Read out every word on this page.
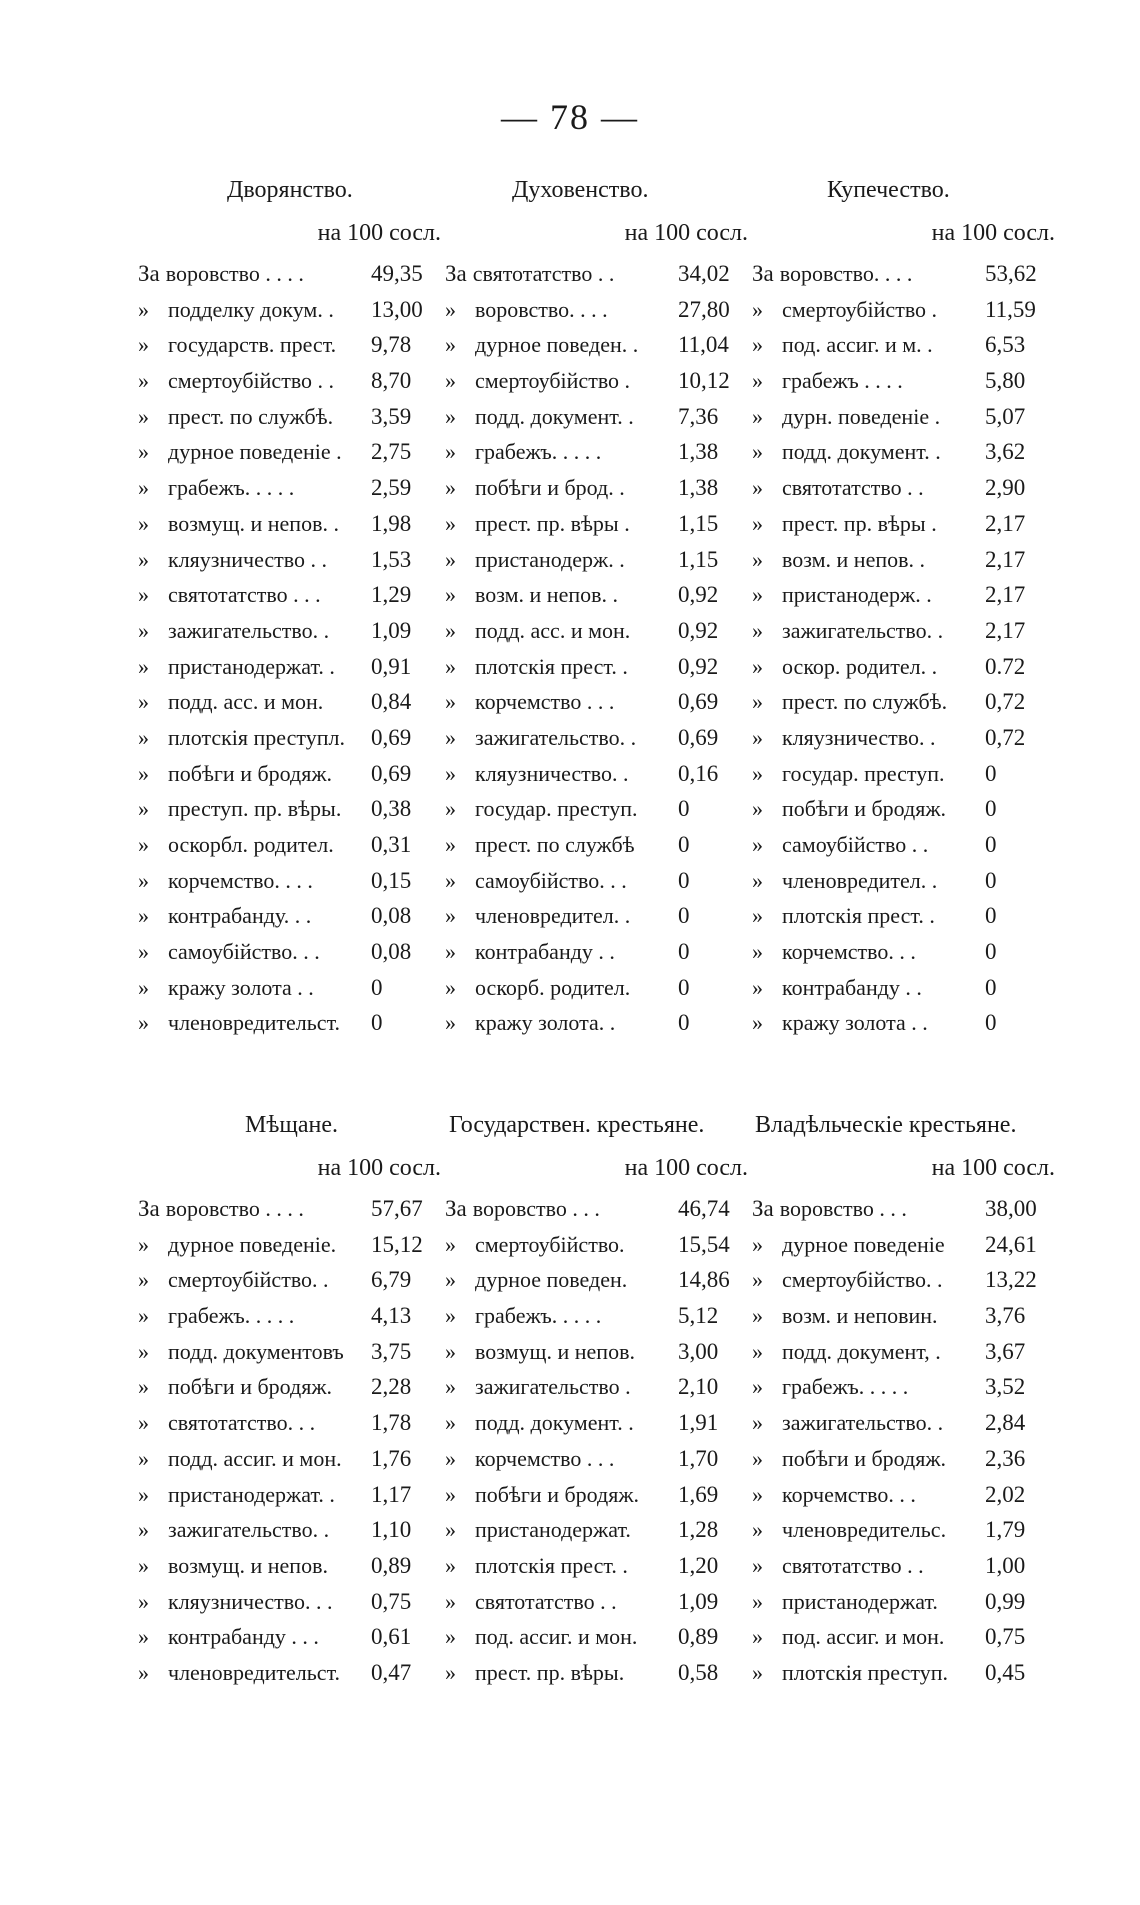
— 78 —
Дворянство.
на 100 сосл.
За воровство . . . .	49,35
» подделку докум. .	13,00
» государств. прест.	9,78
» смертоубійство . .	8,70
» прест. по службѣ.	3,59
» дурное поведеніе .	2,75
» грабежъ. . . . .	2,59
» возмущ. и непов. .	1,98
» кляузничество . .	1,53
» святотатство . . .	1,29
» зажигательство. .	1,09
» пристанодержат. .	0,91
» подд. асс. и мон.	0,84
» плотскія преступл.	0,69
» побѣги и бродяж.	0,69
» преступ. пр. вѣры.	0,38
» оскорбл. родител.	0,31
» корчемство. . . .	0,15
» контрабанду. . .	0,08
» самоубійство. . .	0,08
» кражу золота . .	0
» членовредительст.	0
Духовенство.
на 100 сосл.
За святотатство . .	34,02
» воровство. . . .	27,80
» дурное поведен. .	11,04
» смертоубійство .	10,12
» подд. документ. .	7,36
» грабежъ. . . . .	1,38
» побѣги и брод. .	1,38
» прест. пр. вѣры .	1,15
» пристанодерж. .	1,15
» возм. и непов. .	0,92
» подд. асс. и мон.	0,92
» плотскія прест. .	0,92
» корчемство . . .	0,69
» зажигательство. .	0,69
» кляузничество. .	0,16
» государ. преступ.	0
» прест. по службѣ	0
» самоубійство. . .	0
» членовредител. .	0
» контрабанду . .	0
» оскорб. родител.	0
» кражу золота. .	0
Купечество.
на 100 сосл.
За воровство. . . .	53,62
» смертоубійство .	11,59
» под. ассиг. и м. .	6,53
» грабежъ . . . .	5,80
» дурн. поведеніе .	5,07
» подд. документ. .	3,62
» святотатство . .	2,90
» прест. пр. вѣры .	2,17
» возм. и непов. .	2,17
» пристанодерж. .	2,17
» зажигательство. .	2,17
» оскор. родител. .	0.72
» прест. по службѣ.	0,72
» кляузничество. .	0,72
» государ. преступ.	0
» побѣги и бродяж.	0
» самоубійство . .	0
» членовредител. .	0
» плотскія прест. .	0
» корчемство. . .	0
» контрабанду . .	0
» кражу золота . .	0
Мѣщане.
на 100 сосл.
За воровство . . . .	57,67
» дурное поведеніе.	15,12
» смертоубійство. .	6,79
» грабежъ. . . . .	4,13
» подд. документовъ	3,75
» побѣги и бродяж.	2,28
» святотатство. . .	1,78
» подд. ассиг. и мон.	1,76
» пристанодержат. .	1,17
» зажигательство. .	1,10
» возмущ. и непов.	0,89
» кляузничество. . .	0,75
» контрабанду . . .	0,61
» членовредительст.	0,47
Государствен. крестьяне.
на 100 сосл.
За воровство . . .	46,74
» смертоубійство.	15,54
» дурное поведен.	14,86
» грабежъ. . . . .	5,12
» возмущ. и непов.	3,00
» зажигательство .	2,10
» подд. документ. .	1,91
» корчемство . . .	1,70
» побѣги и бродяж.	1,69
» пристанодержат.	1,28
» плотскія прест. .	1,20
» святотатство . .	1,09
» под. ассиг. и мон.	0,89
» прест. пр. вѣры.	0,58
Владѣльческіе крестьяне.
на 100 сосл.
За воровство . . .	38,00
» дурное поведеніе	24,61
» смертоубійство. .	13,22
» возм. и неповин.	3,76
» подд. документ, .	3,67
» грабежъ. . . . .	3,52
» зажигательство. .	2,84
» побѣги и бродяж.	2,36
» корчемство. . .	2,02
» членовредительс.	1,79
» святотатство . .	1,00
» пристанодержат.	0,99
» под. ассиг. и мон.	0,75
» плотскія преступ.	0,45
